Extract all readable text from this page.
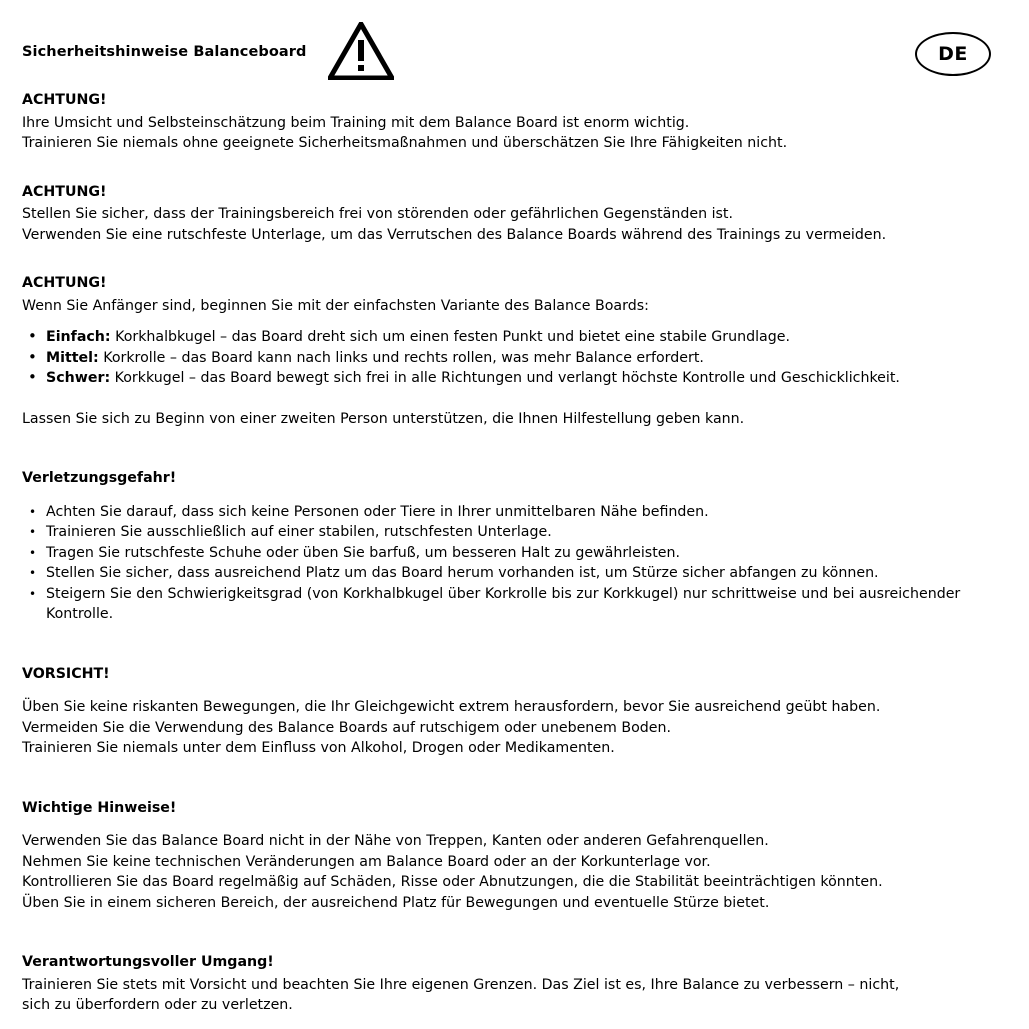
Sicherheitshinweise Balanceboard	DE
ACHTUNG!

Ihre Umsicht und Selbsteinschätzung beim Training mit dem Balance Board ist enorm wichtig.

Trainieren Sie niemals ohne geeignete Sicherheitsmaßnahmen und überschätzen Sie Ihre Fähigkeiten nicht.

ACHTUNG!

Stellen Sie sicher, dass der Trainingsbereich frei von störenden oder gefährlichen Gegenständen ist.

Verwenden Sie eine rutschfeste Unterlage, um das Verrutschen des Balance Boards während des Trainings zu vermeiden.

ACHTUNG!

Wenn Sie Anfänger sind, beginnen Sie mit der einfachsten Variante des Balance Boards:

• Einfach: Korkhalbkugel – das Board dreht sich um einen festen Punkt und bietet eine stabile Grundlage.
• Mittel: Korkrolle – das Board kann nach links und rechts rollen, was mehr Balance erfordert.
• Schwer: Korkkugel – das Board bewegt sich frei in alle Richtungen und verlangt höchste Kontrolle und Geschicklichkeit.

Lassen Sie sich zu Beginn von einer zweiten Person unterstützen, die Ihnen Hilfestellung geben kann.

Verletzungsgefahr!
• Achten Sie darauf, dass sich keine Personen oder Tiere in Ihrer unmittelbaren Nähe befinden.
• Trainieren Sie ausschließlich auf einer stabilen, rutschfesten Unterlage.
• Tragen Sie rutschfeste Schuhe oder üben Sie barfuß, um besseren Halt zu gewährleisten.
• Stellen Sie sicher, dass ausreichend Platz um das Board herum vorhanden ist, um Stürze sicher abfangen zu können.
• Steigern Sie den Schwierigkeitsgrad (von Korkhalbkugel über Korkrolle bis zur Korkkugel) nur schrittweise und bei ausreichender Kontrolle.
VORSICHT!

Üben Sie keine riskanten Bewegungen, die Ihr Gleichgewicht extrem herausfordern, bevor Sie ausreichend geübt haben.

Vermeiden Sie die Verwendung des Balance Boards auf rutschigem oder unebenem Boden.

Trainieren Sie niemals unter dem Einfluss von Alkohol, Drogen oder Medikamenten.

Wichtige Hinweise!

Verwenden Sie das Balance Board nicht in der Nähe von Treppen, Kanten oder anderen Gefahrenquellen.

Nehmen Sie keine technischen Veränderungen am Balance Board oder an der Korkunterlage vor.

Kontrollieren Sie das Board regelmäßig auf Schäden, Risse oder Abnutzungen, die die Stabilität beeinträchtigen könnten.

Üben Sie in einem sicheren Bereich, der ausreichend Platz für Bewegungen und eventuelle Stürze bietet.

Verantwortungsvoller Umgang!

Trainieren Sie stets mit Vorsicht und beachten Sie Ihre eigenen Grenzen. Das Ziel ist es, Ihre Balance zu verbessern – nicht,

sich zu überfordern oder zu verletzen.
